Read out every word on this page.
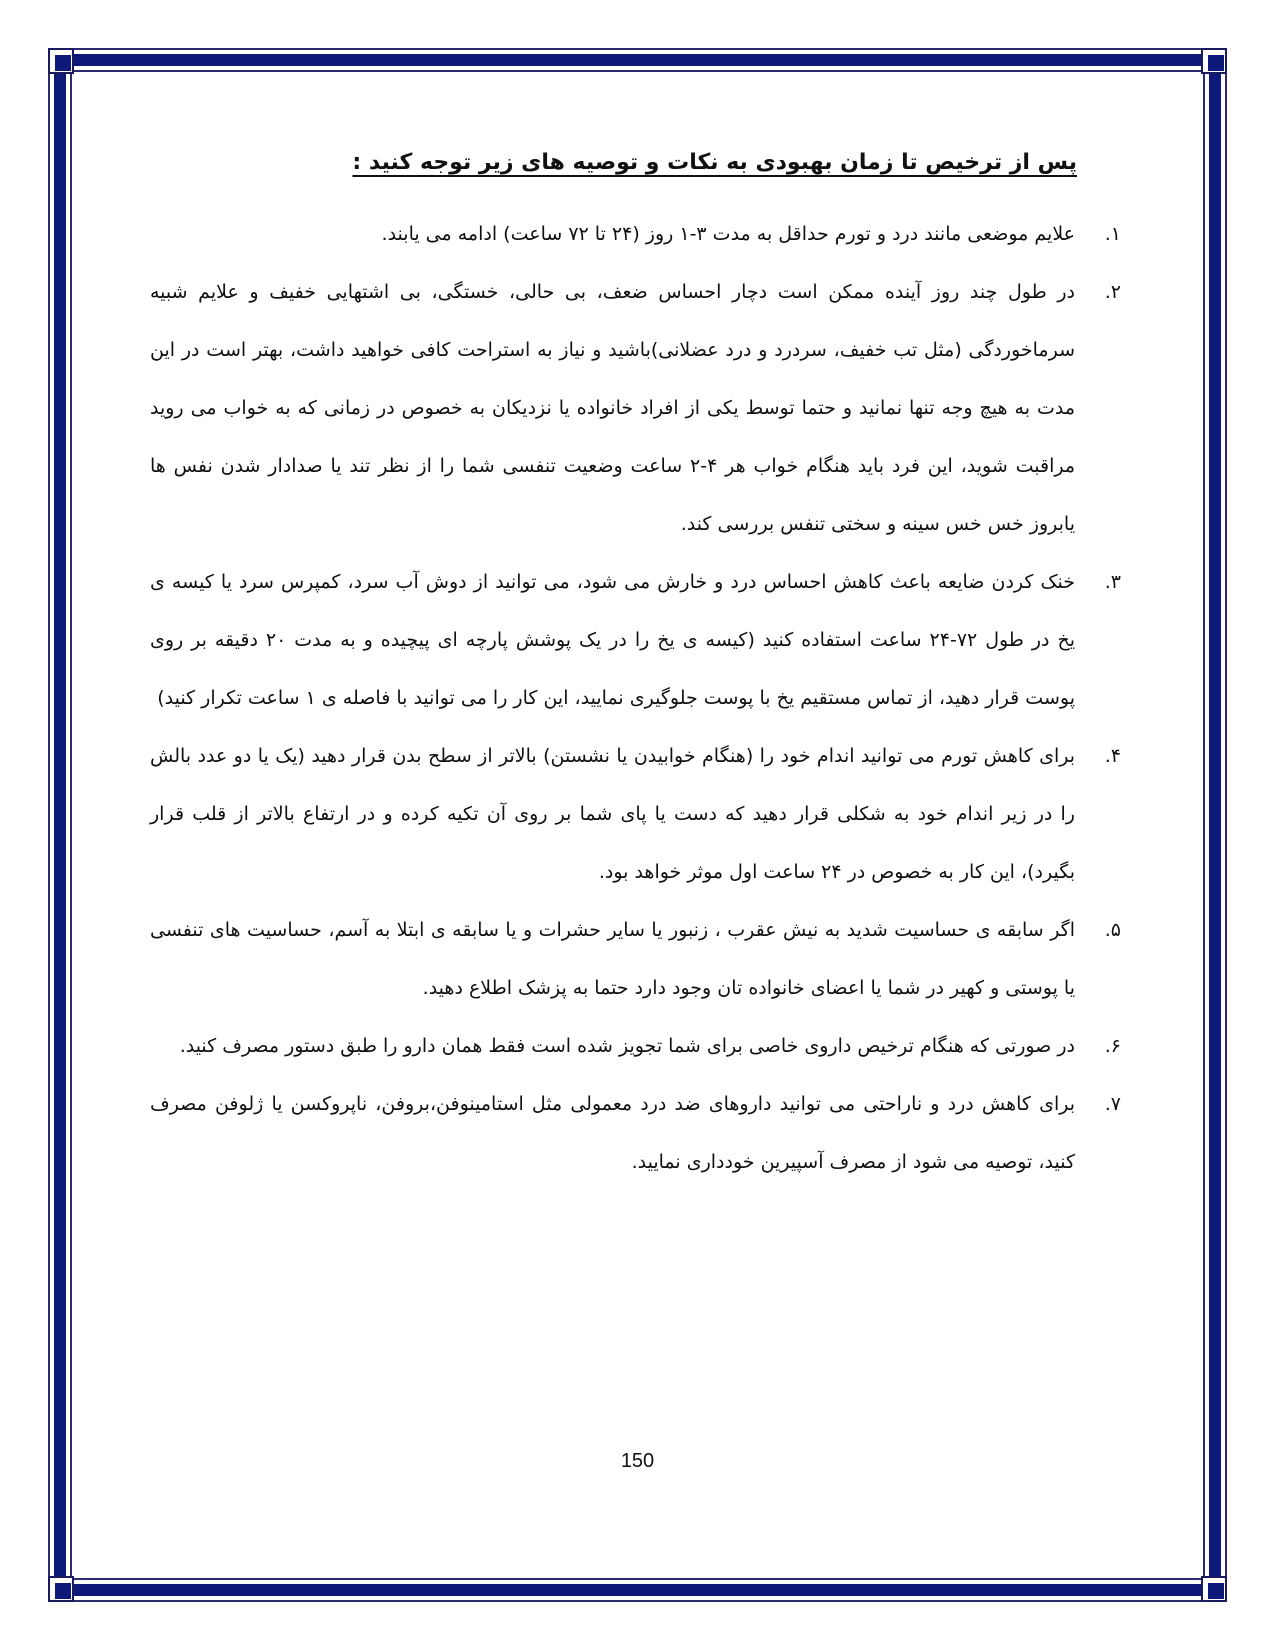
پس از ترخیص تا زمان بهبودی به نکات و توصیه های زیر توجه کنید :
۱.
علایم موضعی مانند درد و تورم حداقل به مدت ۳-۱ روز (۲۴ تا ۷۲ ساعت) ادامه می یابند.
۲.
در طول چند روز آینده ممکن است دچار احساس ضعف، بی حالی، خستگی، بی اشتهایی خفیف و علایم شبیه سرماخوردگی (مثل تب خفیف، سردرد و درد عضلانی)باشید و نیاز به استراحت کافی خواهید داشت، بهتر است در این مدت به هیچ وجه تنها نمانید و حتما توسط یکی از افراد خانواده یا نزدیکان به خصوص در زمانی که به خواب می روید مراقبت شوید، این فرد باید هنگام خواب هر ۴-۲ ساعت وضعیت تنفسی شما را از نظر تند یا صدادار شدن نفس ها یابروز خس خس سینه و سختی تنفس بررسی کند.
۳.
خنک کردن ضایعه باعث کاهش احساس درد و خارش می شود، می توانید از دوش آب سرد، کمپرس سرد یا کیسه ی یخ در طول ۷۲-۲۴ ساعت استفاده کنید (کیسه ی یخ را در یک پوشش پارچه ای پیچیده و به مدت ۲۰ دقیقه بر روی پوست قرار دهید، از تماس مستقیم یخ با پوست جلوگیری نمایید، این کار را می توانید با فاصله ی ۱ ساعت تکرار کنید)
۴.
برای کاهش تورم می توانید اندام خود را (هنگام خوابیدن یا نشستن) بالاتر از سطح بدن قرار دهید (یک یا دو عدد بالش را در زیر اندام خود به شکلی قرار دهید که دست یا پای شما بر روی آن تکیه کرده و در ارتفاع بالاتر از قلب قرار بگیرد)، این کار به خصوص در ۲۴ ساعت اول موثر خواهد بود.
۵.
اگر سابقه ی حساسیت شدید به نیش عقرب ، زنبور یا سایر حشرات و یا سابقه ی ابتلا به آسم، حساسیت های تنفسی یا پوستی و کهیر در شما یا اعضای خانواده تان وجود دارد حتما به پزشک اطلاع دهید.
۶.
در صورتی که هنگام ترخیص داروی خاصی برای شما تجویز شده است فقط همان دارو را طبق دستور مصرف کنید.
۷.
برای کاهش درد و ناراحتی می توانید داروهای ضد درد معمولی مثل استامینوفن،بروفن، ناپروکسن یا ژلوفن مصرف کنید، توصیه می شود از مصرف آسپیرین خودداری نمایید.
150
